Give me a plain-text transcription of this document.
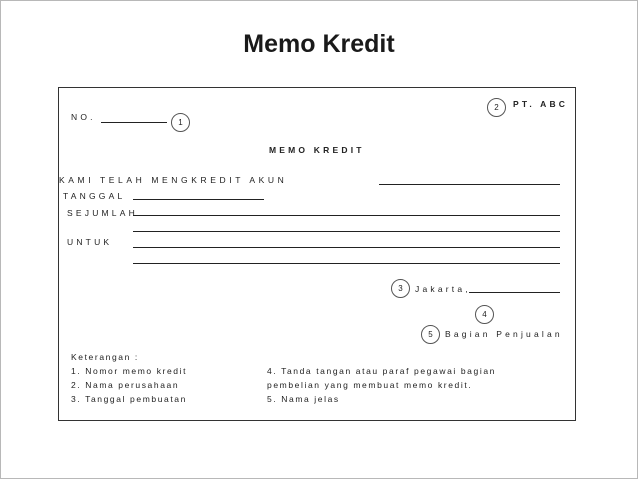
Memo Kredit
2	PT. ABC
NO.
1
MEMO KREDIT
KAMI TELAH MENGKREDIT AKUN
TANGGAL
SEJUMLAH
UNTUK
3	Jakarta,
4
5	Bagian Penjualan
Keterangan :
1. Nomor memo kredit
2. Nama perusahaan
3. Tanggal pembuatan
4. Tanda tangan atau paraf pegawai bagian
pembelian yang membuat memo kredit.
5. Nama jelas
